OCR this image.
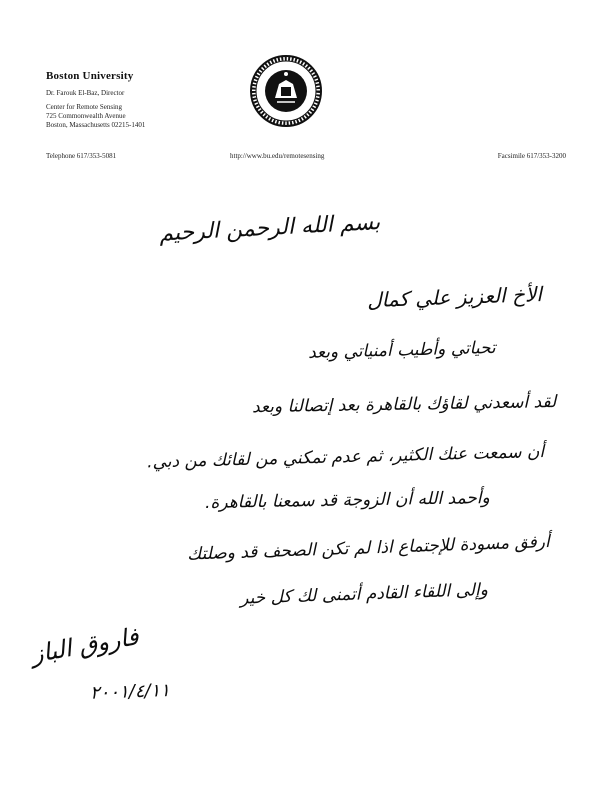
Boston University
Dr. Farouk El-Baz, Director
Center for Remote Sensing
725 Commonwealth Avenue
Boston, Massachusetts 02215-1401
Telephone 617/353-5081	http://www.bu.edu/remotesensing	Facsimile 617/353-3200
بسم الله الرحمن الرحيم
الأخ العزيز علي كمال
تحياتي وأطيب أمنياتي وبعد
لقد أسعدني لقاؤك بالقاهرة بعد إتصالنا وبعد
أن سمعت عنك الكثير، ثم عدم تمكني من لقائك من دبي.
وأحمد الله أن الزوجة قد سمعنا بالقاهرة.
أرفق مسودة للإجتماع اذا لم تكن الصحف قد وصلتك
وإلى اللقاء القادم أتمنى لك كل خير
فاروق الباز
٢٠٠١/٤/١١
